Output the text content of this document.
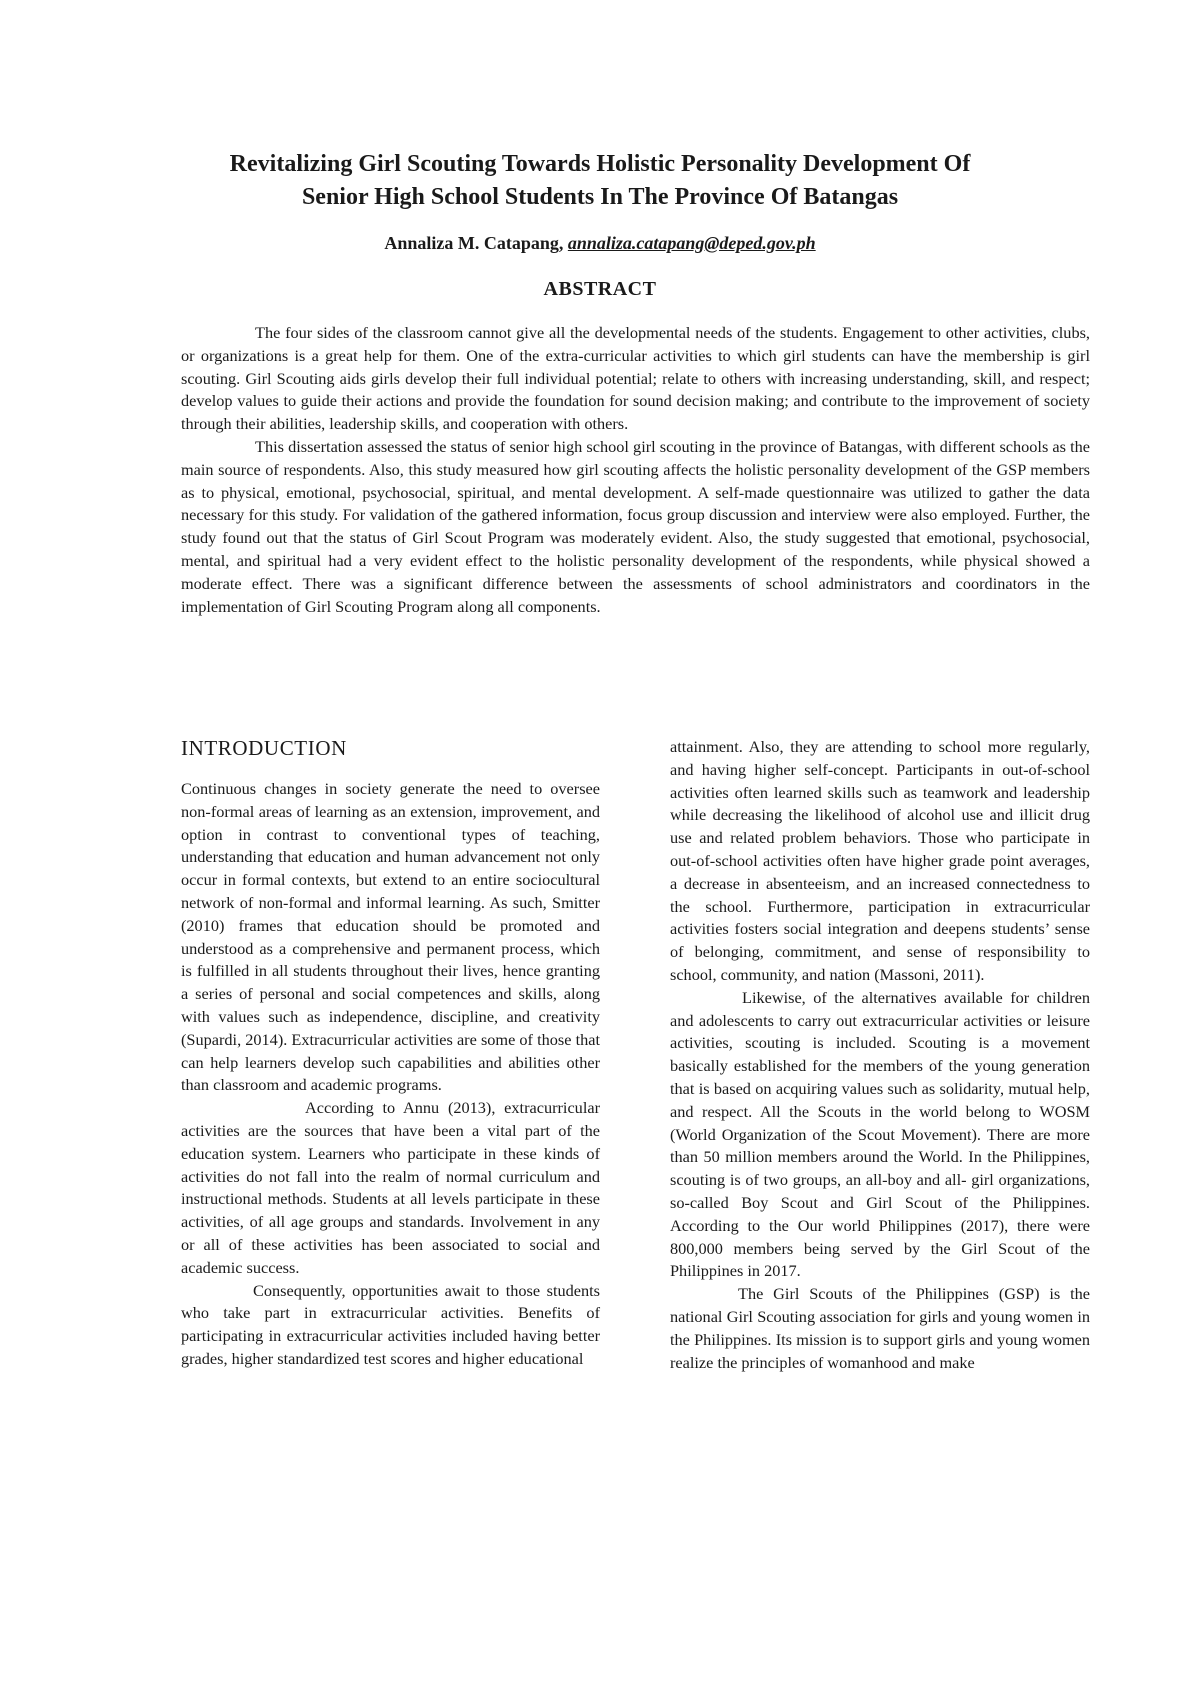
Revitalizing Girl Scouting Towards Holistic Personality Development Of
Senior High School Students In The Province Of Batangas

Annaliza M. Catapang, annaliza.catapang@deped.gov.ph

ABSTRACT

The four sides of the classroom cannot give all the developmental needs of the students. Engagement to other activities, clubs, or organizations is a great help for them. One of the extra-curricular activities to which girl students can have the membership is girl scouting. Girl Scouting aids girls develop their full individual potential; relate to others with increasing understanding, skill, and respect; develop values to guide their actions and provide the foundation for sound decision making; and contribute to the improvement of society through their abilities, leadership skills, and cooperation with others.

This dissertation assessed the status of senior high school girl scouting in the province of Batangas, with different schools as the main source of respondents. Also, this study measured how girl scouting affects the holistic personality development of the GSP members as to physical, emotional, psychosocial, spiritual, and mental development. A self-made questionnaire was utilized to gather the data necessary for this study. For validation of the gathered information, focus group discussion and interview were also employed. Further, the study found out that the status of Girl Scout Program was moderately evident. Also, the study suggested that emotional, psychosocial, mental, and spiritual had a very evident effect to the holistic personality development of the respondents, while physical showed a moderate effect. There was a significant difference between the assessments of school administrators and coordinators in the implementation of Girl Scouting Program along all components.

INTRODUCTION

Continuous changes in society generate the need to oversee non-formal areas of learning as an extension, improvement, and option in contrast to conventional types of teaching, understanding that education and human advancement not only occur in formal contexts, but extend to an entire sociocultural network of non-formal and informal learning. As such, Smitter (2010) frames that education should be promoted and understood as a comprehensive and permanent process, which is fulfilled in all students throughout their lives, hence granting a series of personal and social competences and skills, along with values such as independence, discipline, and creativity (Supardi, 2014). Extracurricular activities are some of those that can help learners develop such capabilities and abilities other than classroom and academic programs.

According to Annu (2013), extracurricular activities are the sources that have been a vital part of the education system. Learners who participate in these kinds of activities do not fall into the realm of normal curriculum and instructional methods. Students at all levels participate in these activities, of all age groups and standards. Involvement in any or all of these activities has been associated to social and academic success.

Consequently, opportunities await to those students who take part in extracurricular activities. Benefits of participating in extracurricular activities included having better grades, higher standardized test scores and higher educational

attainment. Also, they are attending to school more regularly, and having higher self-concept. Participants in out-of-school activities often learned skills such as teamwork and leadership while decreasing the likelihood of alcohol use and illicit drug use and related problem behaviors. Those who participate in out-of-school activities often have higher grade point averages, a decrease in absenteeism, and an increased connectedness to the school. Furthermore, participation in extracurricular activities fosters social integration and deepens students’ sense of belonging, commitment, and sense of responsibility to school, community, and nation (Massoni, 2011).

Likewise, of the alternatives available for children and adolescents to carry out extracurricular activities or leisure activities, scouting is included. Scouting is a movement basically established for the members of the young generation that is based on acquiring values such as solidarity, mutual help, and respect. All the Scouts in the world belong to WOSM (World Organization of the Scout Movement). There are more than 50 million members around the World. In the Philippines, scouting is of two groups, an all-boy and all- girl organizations, so-called Boy Scout and Girl Scout of the Philippines. According to the Our world Philippines (2017), there were 800,000 members being served by the Girl Scout of the Philippines in 2017.

The Girl Scouts of the Philippines (GSP) is the national Girl Scouting association for girls and young women in the Philippines. Its mission is to support girls and young women realize the principles of womanhood and make
